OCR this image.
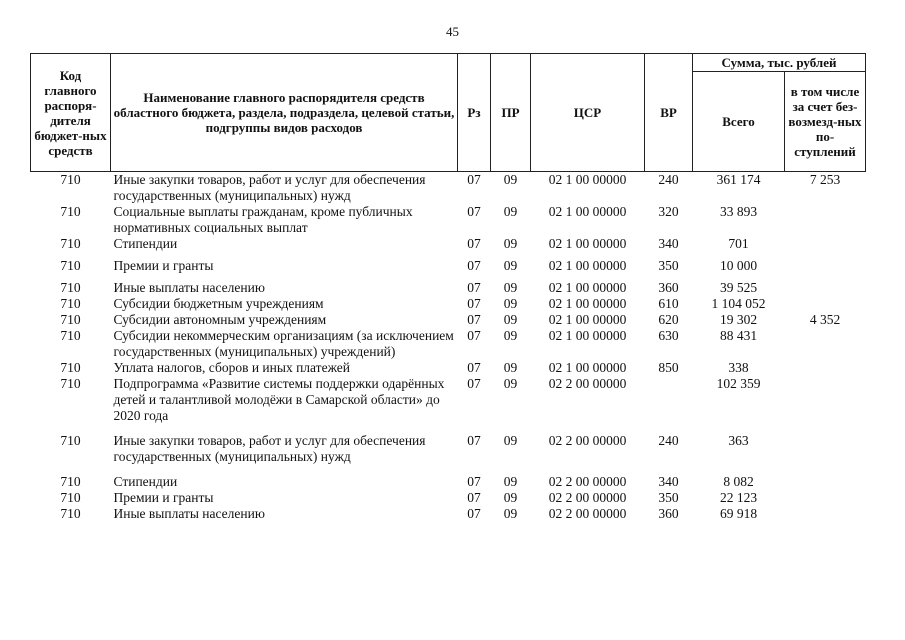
45
Код главного распоря-дителя бюджет-ных средств	Наименование главного распорядителя средств областного бюджета, раздела, подраздела, целевой статьи, подгруппы видов расходов	Рз	ПР	ЦСР	ВР	Сумма, тыс. рублей	
						Всего	в том числе за счет без-возмезд-ных по-ступлений
710	Иные закупки товаров, работ и услуг для обеспечения государственных (муниципальных) нужд	07	09	02 1 00 00000	240	361 174	7 253
710	Социальные выплаты гражданам, кроме публичных нормативных социальных выплат	07	09	02 1 00 00000	320	33 893	
710	Стипендии	07	09	02 1 00 00000	340	701	
710	Премии и гранты	07	09	02 1 00 00000	350	10 000	
710	Иные выплаты населению	07	09	02 1 00 00000	360	39 525	
710	Субсидии бюджетным учреждениям	07	09	02 1 00 00000	610	1 104 052	
710	Субсидии автономным учреждениям	07	09	02 1 00 00000	620	19 302	4 352
710	Субсидии некоммерческим организациям (за исключением государственных (муниципальных) учреждений)	07	09	02 1 00 00000	630	88 431	
710	Уплата налогов, сборов и иных платежей	07	09	02 1 00 00000	850	338	
710	Подпрограмма «Развитие системы поддержки одарённых детей и талантливой молодёжи в Самарской области» до 2020 года	07	09	02 2 00 00000		102 359	
710	Иные закупки товаров, работ и услуг для обеспечения государственных (муниципальных) нужд	07	09	02 2 00 00000	240	363	
710	Стипендии	07	09	02 2 00 00000	340	8 082	
710	Премии и гранты	07	09	02 2 00 00000	350	22 123	
710	Иные выплаты населению	07	09	02 2 00 00000	360	69 918	
